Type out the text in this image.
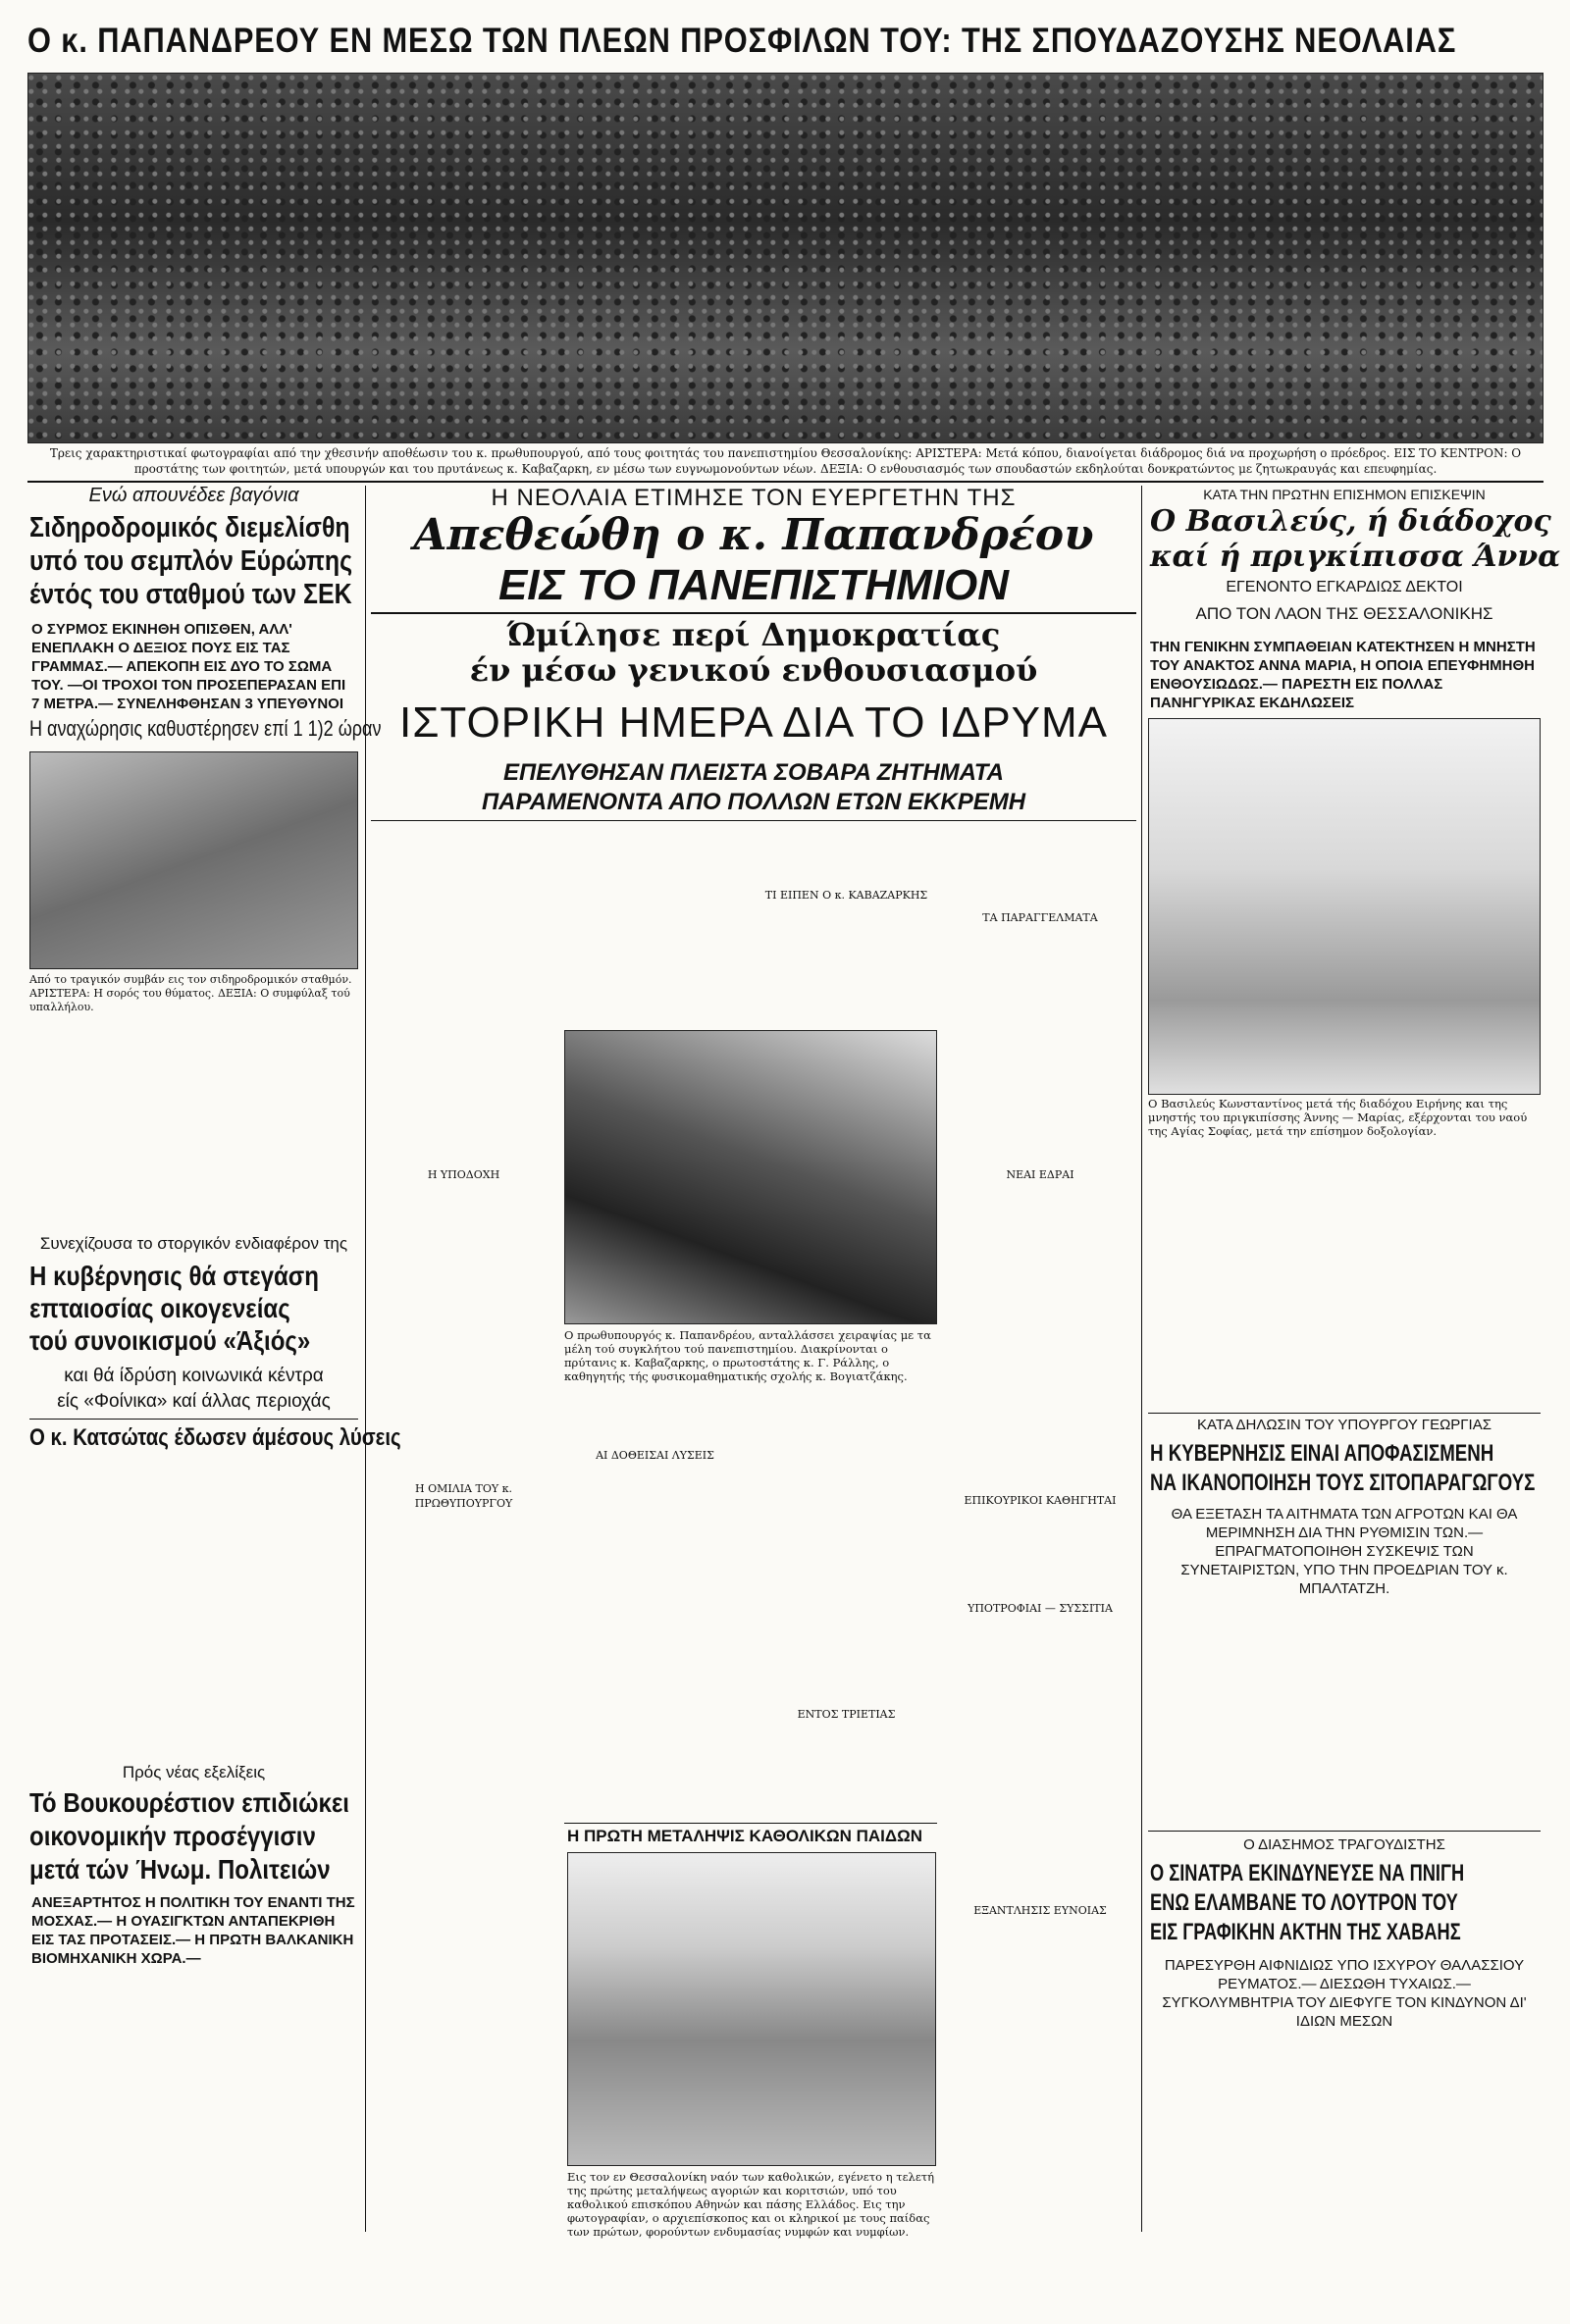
Ο κ. ΠΑΠΑΝΔΡΕΟΥ ΕΝ ΜΕΣΩ ΤΩΝ ΠΛΕΩΝ ΠΡΟΣΦΙΛΩΝ ΤΟΥ: ΤΗΣ ΣΠΟΥΔΑΖΟΥΣΗΣ ΝΕΟΛΑΙΑΣ
Τρεις χαρακτηριστικαί φωτογραφίαι από την χθεσινήν αποθέωσιν του κ. πρωθυπουργού, από τους φοιτητάς του πανεπιστημίου Θεσσαλονίκης: ΑΡΙΣΤΕΡΑ: Μετά κόπου, διανοίγεται διάδρομος διά να προχωρήση ο πρόεδρος. ΕΙΣ ΤΟ ΚΕΝΤΡΟΝ: Ο προστάτης των φοιτητών, μετά υπουργών και του πρυτάνεως κ. Καβαζαρκη, εν μέσω των ευγνωμονούντων νέων. ΔΕΞΙΑ: Ο ενθουσιασμός των σπουδαστών εκδηλούται δονκρατώντος με ζητωκραυγάς και επευφημίας.
Ενώ απουνέδεε βαγόνια
Σιδηροδρομικός διεμελίσθη
υπό του σεμπλόν Εύρώπης
έντός του σταθμού των ΣΕΚ
Ο ΣΥΡΜΟΣ ΕΚΙΝΗΘΗ ΟΠΙΣΘΕΝ, ΑΛΛ' ΕΝΕΠΛΑΚΗ Ο ΔΕΞΙΟΣ ΠΟΥΣ ΕΙΣ ΤΑΣ ΓΡΑΜΜΑΣ.— ΑΠΕΚΟΠΗ ΕΙΣ ΔΥΟ ΤΟ ΣΩΜΑ ΤΟΥ. —ΟΙ ΤΡΟΧΟΙ ΤΟΝ ΠΡΟΣΕΠΕΡΑΣΑΝ ΕΠΙ 7 ΜΕΤΡΑ.— ΣΥΝΕΛΗΦΘΗΣΑΝ 3 ΥΠΕΥΘΥΝΟΙ
Η αναχώρησις καθυστέρησεν επί 1 1)2 ώραν
Από το τραγικόν συμβάν εις τον σιδηροδρομικόν σταθμόν. ΑΡΙΣΤΕΡΑ: Η σορός του θύματος. ΔΕΞΙΑ: Ο συμφύλαξ τού υπαλλήλου.
Συνεχίζουσα το στοργικόν ενδιαφέρον της
Η κυβέρνησις θά στεγάση
επταιοσίας οικογενείας
τού συνοικισμού «Άξιός»
και θά ίδρύση κοινωνικά κέντρα
είς «Φοίνικα» καί άλλας περιοχάς
Ο κ. Κατσώτας έδωσεν άμέσους λύσεις
Πρός νέας εξελίξεις
Τό Βουκουρέστιον επιδιώκει
οικονομικήν προσέγγισιν
μετά τών Ήνωμ. Πολιτειών
ΑΝΕΞΑΡΤΗΤΟΣ Η ΠΟΛΙΤΙΚΗ ΤΟΥ ΕΝΑΝΤΙ ΤΗΣ ΜΟΣΧΑΣ.— Η ΟΥΑΣΙΓΚΤΩΝ ΑΝΤΑΠΕΚΡΙΘΗ ΕΙΣ ΤΑΣ ΠΡΟΤΑΣΕΙΣ.— Η ΠΡΩΤΗ ΒΑΛΚΑΝΙΚΗ ΒΙΟΜΗΧΑΝΙΚΗ ΧΩΡΑ.—
Η ΝΕΟΛΑΙΑ ΕΤΙΜΗΣΕ ΤΟΝ ΕΥΕΡΓΕΤΗΝ ΤΗΣ
Απεθεώθη ο κ. Παπανδρέου
ΕΙΣ ΤΟ ΠΑΝΕΠΙΣΤΗΜΙΟΝ
Ώμίλησε περί Δημοκρατίας
έν μέσω γενικού ενθουσιασμού
ΙΣΤΟΡΙΚΗ ΗΜΕΡΑ ΔΙΑ ΤΟ ΙΔΡΥΜΑ
ΕΠΕΛΥΘΗΣΑΝ ΠΛΕΙΣΤΑ ΣΟΒΑΡΑ ΖΗΤΗΜΑΤΑ
ΠΑΡΑΜΕΝΟΝΤΑ ΑΠΟ ΠΟΛΛΩΝ ΕΤΩΝ ΕΚΚΡΕΜΗ
ΤΙ ΕΙΠΕΝ Ο κ. ΚΑΒΑΖΑΡΚΗΣ
ΤΑ ΠΑΡΑΓΓΕΛΜΑΤΑ
Ο πρωθυπουργός κ. Παπανδρέου, ανταλλάσσει χειραψίας με τα μέλη τού συγκλήτου τού πανεπιστημίου. Διακρίνονται ο πρύτανις κ. Καβαζαρκης, ο πρωτοστάτης κ. Γ. Ράλλης, ο καθηγητής τής φυσικομαθηματικής σχολής κ. Βογιατζάκης.
Η ΥΠΟΔΟΧΗ
Η ΟΜΙΛΙΑ ΤΟΥ κ. ΠΡΩΘΥΠΟΥΡΓΟΥ
ΑΙ ΔΟΘΕΙΣΑΙ ΛΥΣΕΙΣ
ΝΕΑΙ ΕΔΡΑΙ
ΕΠΙΚΟΥΡΙΚΟΙ ΚΑΘΗΓΗΤΑΙ
ΥΠΟΤΡΟΦΙΑΙ — ΣΥΣΣΙΤΙΑ
ΕΝΤΟΣ ΤΡΙΕΤΙΑΣ
ΕΞΑΝΤΛΗΣΙΣ ΕΥΝΟΙΑΣ
Η ΠΡΩΤΗ ΜΕΤΑΛΗΨΙΣ ΚΑΘΟΛΙΚΩΝ ΠΑΙΔΩΝ
Εις τον εν Θεσσαλονίκη ναόν των καθολικών, εγένετο η τελετή της πρώτης μεταλήψεως αγοριών και κοριτσιών, υπό του καθολικού επισκόπου Αθηνών και πάσης Ελλάδος. Εις την φωτογραφίαν, ο αρχιεπίσκοπος και οι κληρικοί με τους παίδας των πρώτων, φορούντων ενδυμασίας νυμφών και νυμφίων.
ΚΑΤΑ ΤΗΝ ΠΡΩΤΗΝ ΕΠΙΣΗΜΟΝ ΕΠΙΣΚΕΨΙΝ
Ο Βασιλεύς, ή διάδοχος
καί ή πριγκίπισσα Άννα
ΕΓΕΝΟΝΤΟ ΕΓΚΑΡΔΙΩΣ ΔΕΚΤΟΙ
ΑΠΟ ΤΟΝ ΛΑΟΝ ΤΗΣ ΘΕΣΣΑΛΟΝΙΚΗΣ
ΤΗΝ ΓΕΝΙΚΗΝ ΣΥΜΠΑΘΕΙΑΝ ΚΑΤΕΚΤΗΣΕΝ Η ΜΝΗΣΤΗ ΤΟΥ ΑΝΑΚΤΟΣ ΑΝΝΑ ΜΑΡΙΑ, Η ΟΠΟΙΑ ΕΠΕΥΦΗΜΗΘΗ ΕΝΘΟΥΣΙΩΔΩΣ.— ΠΑΡΕΣΤΗ ΕΙΣ ΠΟΛΛΑΣ ΠΑΝΗΓΥΡΙΚΑΣ ΕΚΔΗΛΩΣΕΙΣ
Ο Βασιλεύς Κωνσταντίνος μετά τής διαδόχου Ειρήνης και της μνηστής του πριγκιπίσσης Άννης — Μαρίας, εξέρχονται του ναού της Αγίας Σοφίας, μετά την επίσημον δοξολογίαν.
ΚΑΤΑ ΔΗΛΩΣΙΝ ΤΟΥ ΥΠΟΥΡΓΟΥ ΓΕΩΡΓΙΑΣ
Η ΚΥΒΕΡΝΗΣΙΣ ΕΙΝΑΙ ΑΠΟΦΑΣΙΣΜΕΝΗ
ΝΑ ΙΚΑΝΟΠΟΙΗΣΗ ΤΟΥΣ ΣΙΤΟΠΑΡΑΓΩΓΟΥΣ
ΘΑ ΕΞΕΤΑΣΗ ΤΑ ΑΙΤΗΜΑΤΑ ΤΩΝ ΑΓΡΟΤΩΝ ΚΑΙ ΘΑ ΜΕΡΙΜΝΗΣΗ ΔΙΑ ΤΗΝ ΡΥΘΜΙΣΙΝ ΤΩΝ.— ΕΠΡΑΓΜΑΤΟΠΟΙΗΘΗ ΣΥΣΚΕΨΙΣ ΤΩΝ ΣΥΝΕΤΑΙΡΙΣΤΩΝ, ΥΠΟ ΤΗΝ ΠΡΟΕΔΡΙΑΝ ΤΟΥ κ. ΜΠΑΛΤΑΤΖΗ.
Ο ΔΙΑΣΗΜΟΣ ΤΡΑΓΟΥΔΙΣΤΗΣ
Ο ΣΙΝΑΤΡΑ ΕΚΙΝΔΥΝΕΥΣΕ ΝΑ ΠΝΙΓΗ
ΕΝΩ ΕΛΑΜΒΑΝΕ ΤΟ ΛΟΥΤΡΟΝ ΤΟΥ
ΕΙΣ ΓΡΑΦΙΚΗΝ ΑΚΤΗΝ ΤΗΣ ΧΑΒΑΗΣ
ΠΑΡΕΣΥΡΘΗ ΑΙΦΝΙΔΙΩΣ ΥΠΟ ΙΣΧΥΡΟΥ ΘΑΛΑΣΣΙΟΥ ΡΕΥΜΑΤΟΣ.— ΔΙΕΣΩΘΗ ΤΥΧΑΙΩΣ.— ΣΥΓΚΟΛΥΜΒΗΤΡΙΑ ΤΟΥ ΔΙΕΦΥΓΕ ΤΟΝ ΚΙΝΔΥΝΟΝ ΔΙ' ΙΔΙΩΝ ΜΕΣΩΝ
